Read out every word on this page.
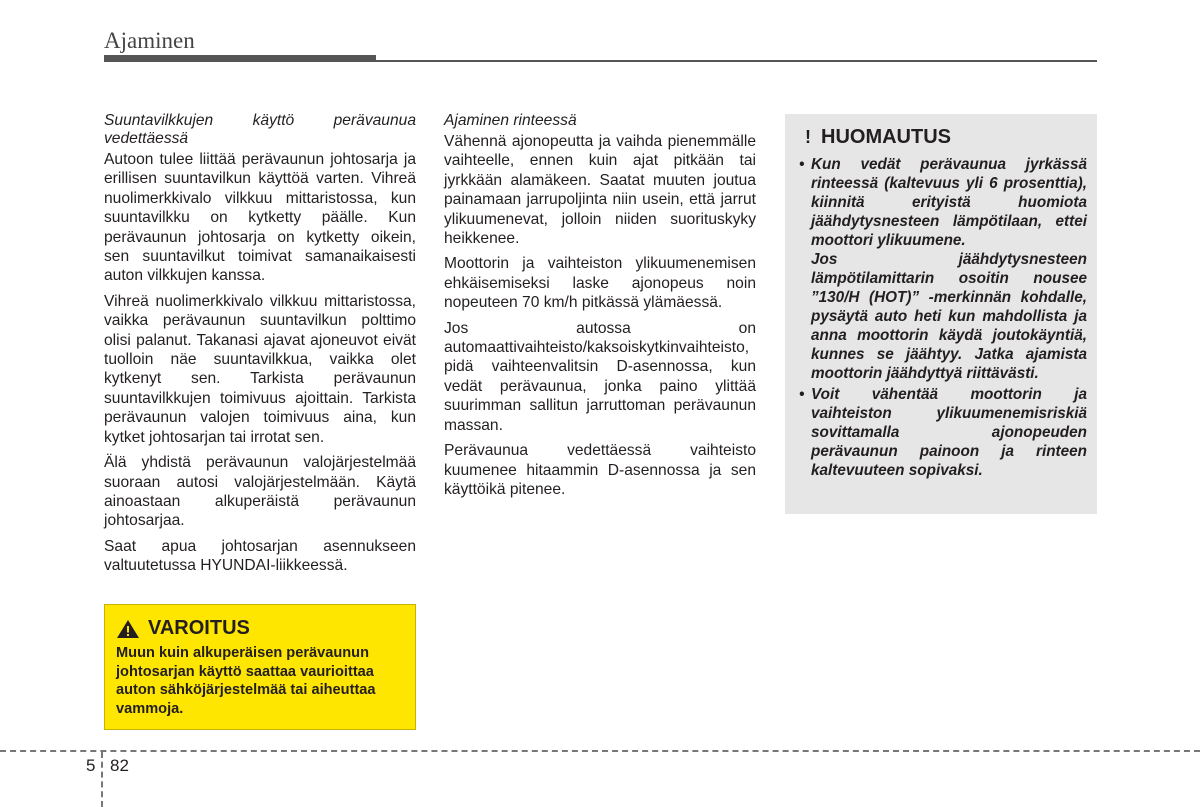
Ajaminen
Suuntavilkkujen käyttö perävaunua vedettäessä

Autoon tulee liittää perävaunun johtosarja ja erillisen suuntavilkun käyttöä varten. Vihreä nuolimerkkivalo vilkkuu mittaristossa, kun suuntavilkku on kytketty päälle. Kun perävaunun johtosarja on kytketty oikein, sen suuntavilkut toimivat samanaikaisesti auton vilkkujen kanssa.

Vihreä nuolimerkkivalo vilkkuu mittaristossa, vaikka perävaunun suuntavilkun polttimo olisi palanut. Takanasi ajavat ajoneuvot eivät tuolloin näe suuntavilkkua, vaikka olet kytkenyt sen. Tarkista perävaunun suuntavilkkujen toimivuus ajoittain. Tarkista perävaunun valojen toimivuus aina, kun kytket johtosarjan tai irrotat sen.

Älä yhdistä perävaunun valojärjestelmää suoraan autosi valojärjestelmään. Käytä ainoastaan alkuperäistä perävaunun johtosarjaa.

Saat apua johtosarjan asennukseen valtuutetussa HYUNDAI-liikkeessä.

Ajaminen rinteessä

Vähennä ajonopeutta ja vaihda pienemmälle vaihteelle, ennen kuin ajat pitkään tai jyrkkään alamäkeen. Saatat muuten joutua painamaan jarrupoljinta niin usein, että jarrut ylikuumenevat, jolloin niiden suorituskyky heikkenee.

Moottorin ja vaihteiston ylikuumenemisen ehkäisemiseksi laske ajonopeus noin nopeuteen 70 km/h pitkässä ylämäessä.

Jos autossa on automaattivaihteisto/kaksoiskytkinvaihteisto, pidä vaihteenvalitsin D-asennossa, kun vedät perävaunua, jonka paino ylittää suurimman sallitun jarruttoman perävaunun massan.

Perävaunua vedettäessä vaihteisto kuumenee hitaammin D-asennossa ja sen käyttöikä pitenee.

VAROITUS
Muun kuin alkuperäisen perävaunun johtosarjan käyttö saattaa vaurioittaa auton sähköjärjestelmää tai aiheuttaa vammoja.
! HUOMAUTUS
• Kun vedät perävaunua jyrkässä rinteessä (kaltevuus yli 6 prosenttia), kiinnitä erityistä huomiota jäähdytysnesteen lämpötilaan, ettei moottori ylikuumene.

Jos jäähdytysnesteen lämpötilamittarin osoitin nousee ”130/H (HOT)” -merkinnän kohdalle, pysäytä auto heti kun mahdollista ja anna moottorin käydä joutokäyntiä, kunnes se jäähtyy. Jatka ajamista moottorin jäähdyttyä riittävästi.

• Voit vähentää moottorin ja vaihteiston ylikuumenemisriskiä sovittamalla ajonopeuden perävaunun painoon ja rinteen kaltevuuteen sopivaksi.

5 82
